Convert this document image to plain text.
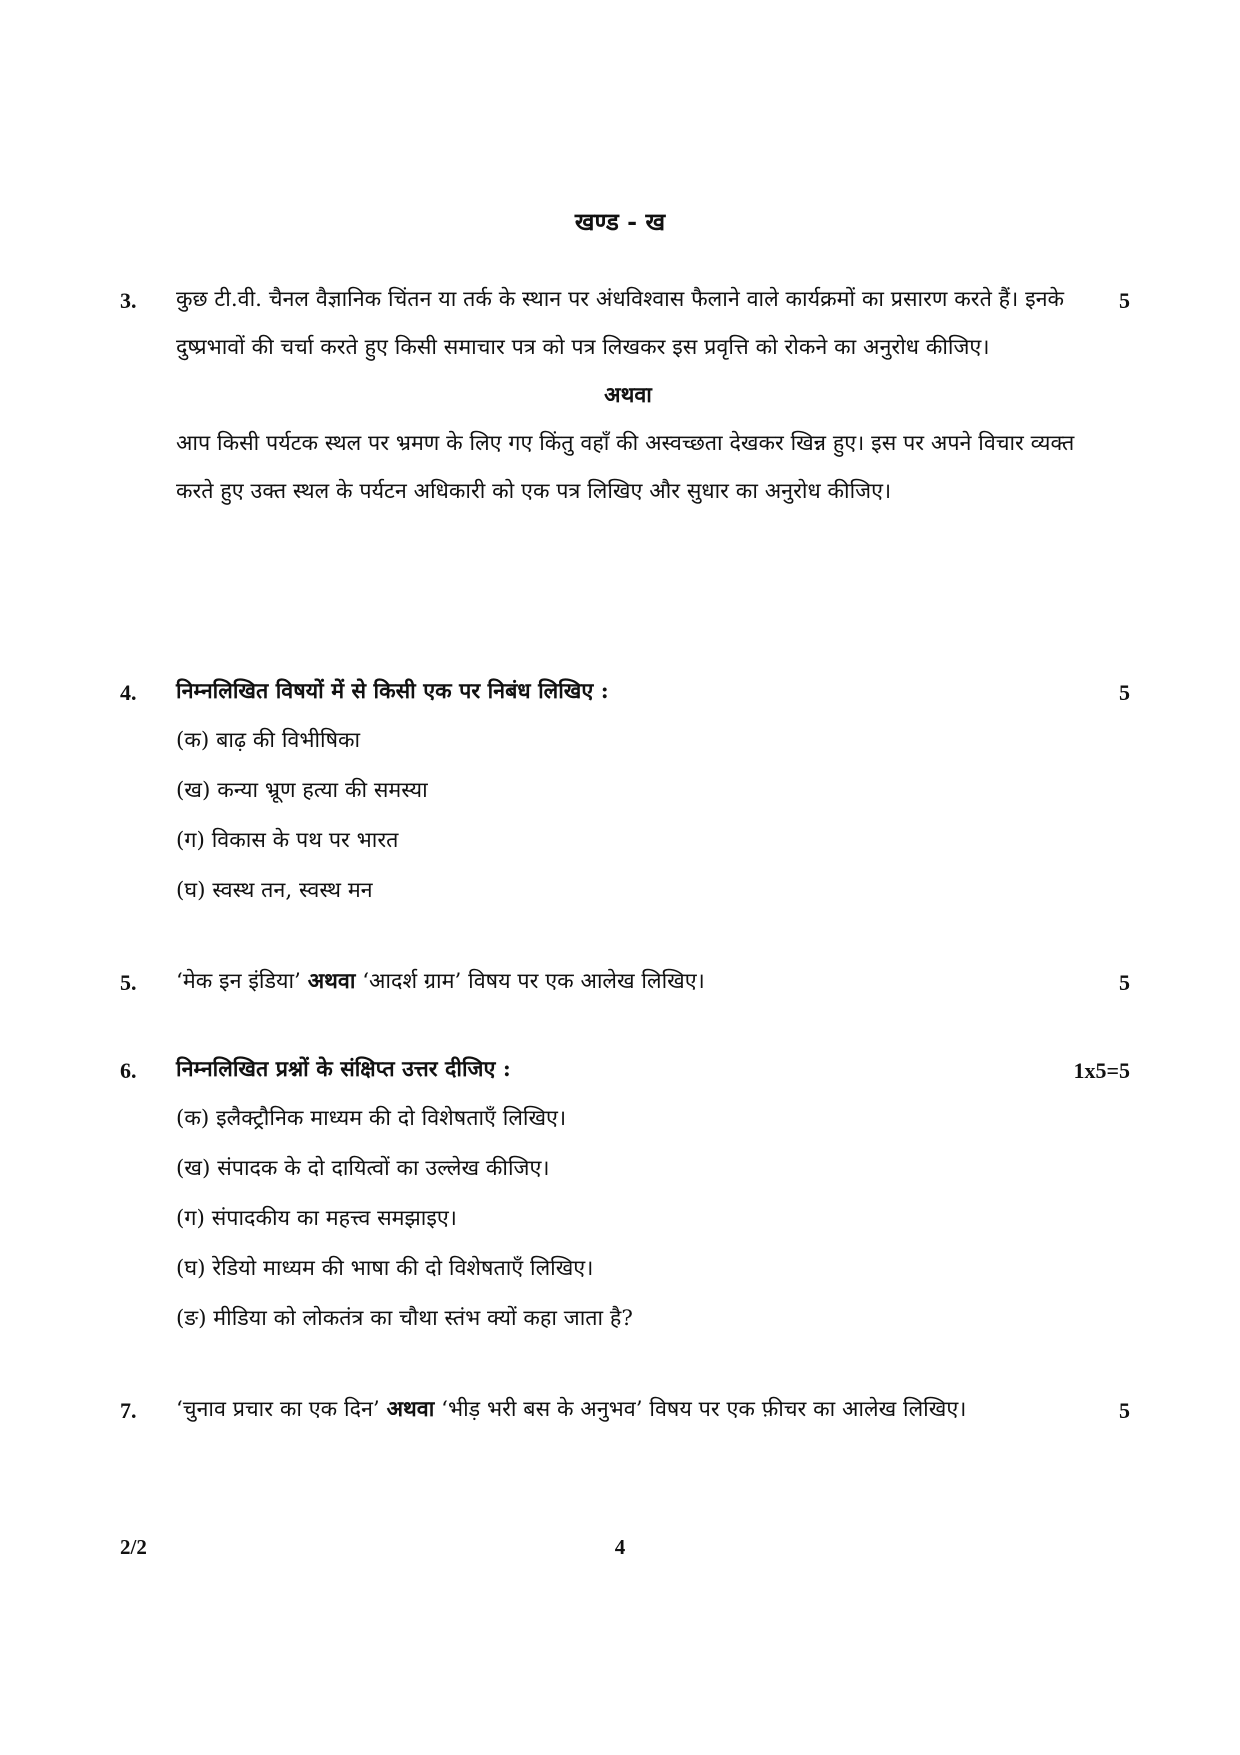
खण्ड - ख
3. कुछ टी.वी. चैनल वैज्ञानिक चिंतन या तर्क के स्थान पर अंधविश्वास फैलाने वाले कार्यक्रमों का प्रसारण करते हैं। इनके दुष्प्रभावों की चर्चा करते हुए किसी समाचार पत्र को पत्र लिखकर इस प्रवृत्ति को रोकने का अनुरोध कीजिए।

अथवा

आप किसी पर्यटक स्थल पर भ्रमण के लिए गए किंतु वहाँ की अस्वच्छता देखकर खिन्न हुए। इस पर अपने विचार व्यक्त करते हुए उक्त स्थल के पर्यटन अधिकारी को एक पत्र लिखिए और सुधार का अनुरोध कीजिए।

5
4. निम्नलिखित विषयों में से किसी एक पर निबंध लिखिए :

(क) बाढ़ की विभीषिका
(ख) कन्या भ्रूण हत्या की समस्या
(ग) विकास के पथ पर भारत
(घ) स्वस्थ तन, स्वस्थ मन
5
5. ‘मेक इन इंडिया’ अथवा ‘आदर्श ग्राम’ विषय पर एक आलेख लिखिए।	5
6. निम्नलिखित प्रश्नों के संक्षिप्त उत्तर दीजिए :

(क) इलैक्ट्रौनिक माध्यम की दो विशेषताएँ लिखिए।
(ख) संपादक के दो दायित्वों का उल्लेख कीजिए।
(ग) संपादकीय का महत्त्व समझाइए।
(घ) रेडियो माध्यम की भाषा की दो विशेषताएँ लिखिए।
(ङ) मीडिया को लोकतंत्र का चौथा स्तंभ क्यों कहा जाता है?
1x5=5
7. ‘चुनाव प्रचार का एक दिन’ अथवा ‘भीड़ भरी बस के अनुभव’ विषय पर एक फ़ीचर का आलेख लिखिए।	5
2/2	4
